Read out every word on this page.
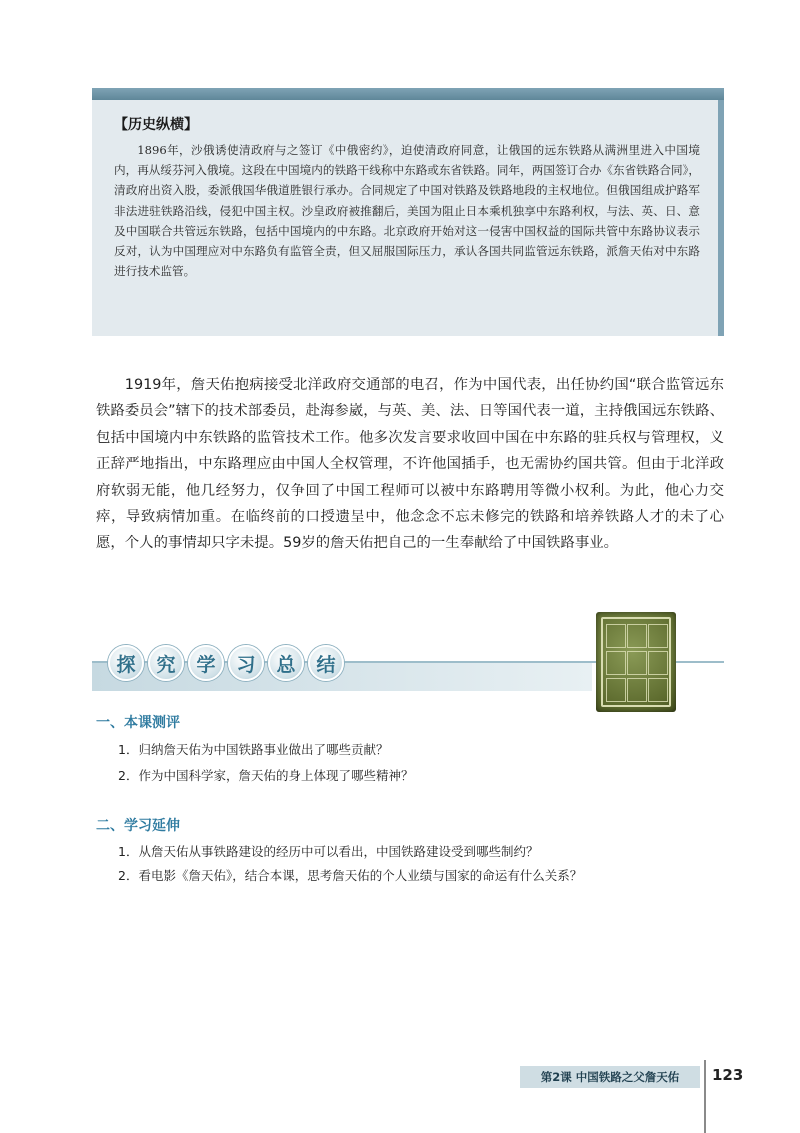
【历史纵横】

1896年，沙俄诱使清政府与之签订《中俄密约》，迫使清政府同意，让俄国的远东铁路从满洲里进入中国境内，再从绥芬河入俄境。这段在中国境内的铁路干线称中东路或东省铁路。同年，两国签订合办《东省铁路合同》，清政府出资入股，委派俄国华俄道胜银行承办。合同规定了中国对铁路及铁路地段的主权地位。但俄国组成护路军非法进驻铁路沿线，侵犯中国主权。沙皇政府被推翻后，美国为阻止日本乘机独享中东路利权，与法、英、日、意及中国联合共管远东铁路，包括中国境内的中东路。北京政府开始对这一侵害中国权益的国际共管中东路协议表示反对，认为中国理应对中东路负有监管全责，但又屈服国际压力，承认各国共同监管远东铁路，派詹天佑对中东路进行技术监管。

1919年，詹天佑抱病接受北洋政府交通部的电召，作为中国代表，出任协约国“联合监管远东铁路委员会”辖下的技术部委员，赴海参崴，与英、美、法、日等国代表一道，主持俄国远东铁路、包括中国境内中东铁路的监管技术工作。他多次发言要求收回中国在中东路的驻兵权与管理权，义正辞严地指出，中东路理应由中国人全权管理，不许他国插手，也无需协约国共管。但由于北洋政府软弱无能，他几经努力，仅争回了中国工程师可以被中东路聘用等微小权利。为此，他心力交瘁，导致病情加重。在临终前的口授遗呈中，他念念不忘未修完的铁路和培养铁路人才的未了心愿，个人的事情却只字未提。59岁的詹天佑把自己的一生奉献给了中国铁路事业。

探	究	学	习	总	结
一、本课测评
1．归纳詹天佑为中国铁路事业做出了哪些贡献？
2．作为中国科学家，詹天佑的身上体现了哪些精神？
二、学习延伸
1．从詹天佑从事铁路建设的经历中可以看出，中国铁路建设受到哪些制约？
2．看电影《詹天佑》，结合本课，思考詹天佑的个人业绩与国家的命运有什么关系？
第2课 中国铁路之父詹天佑	123
